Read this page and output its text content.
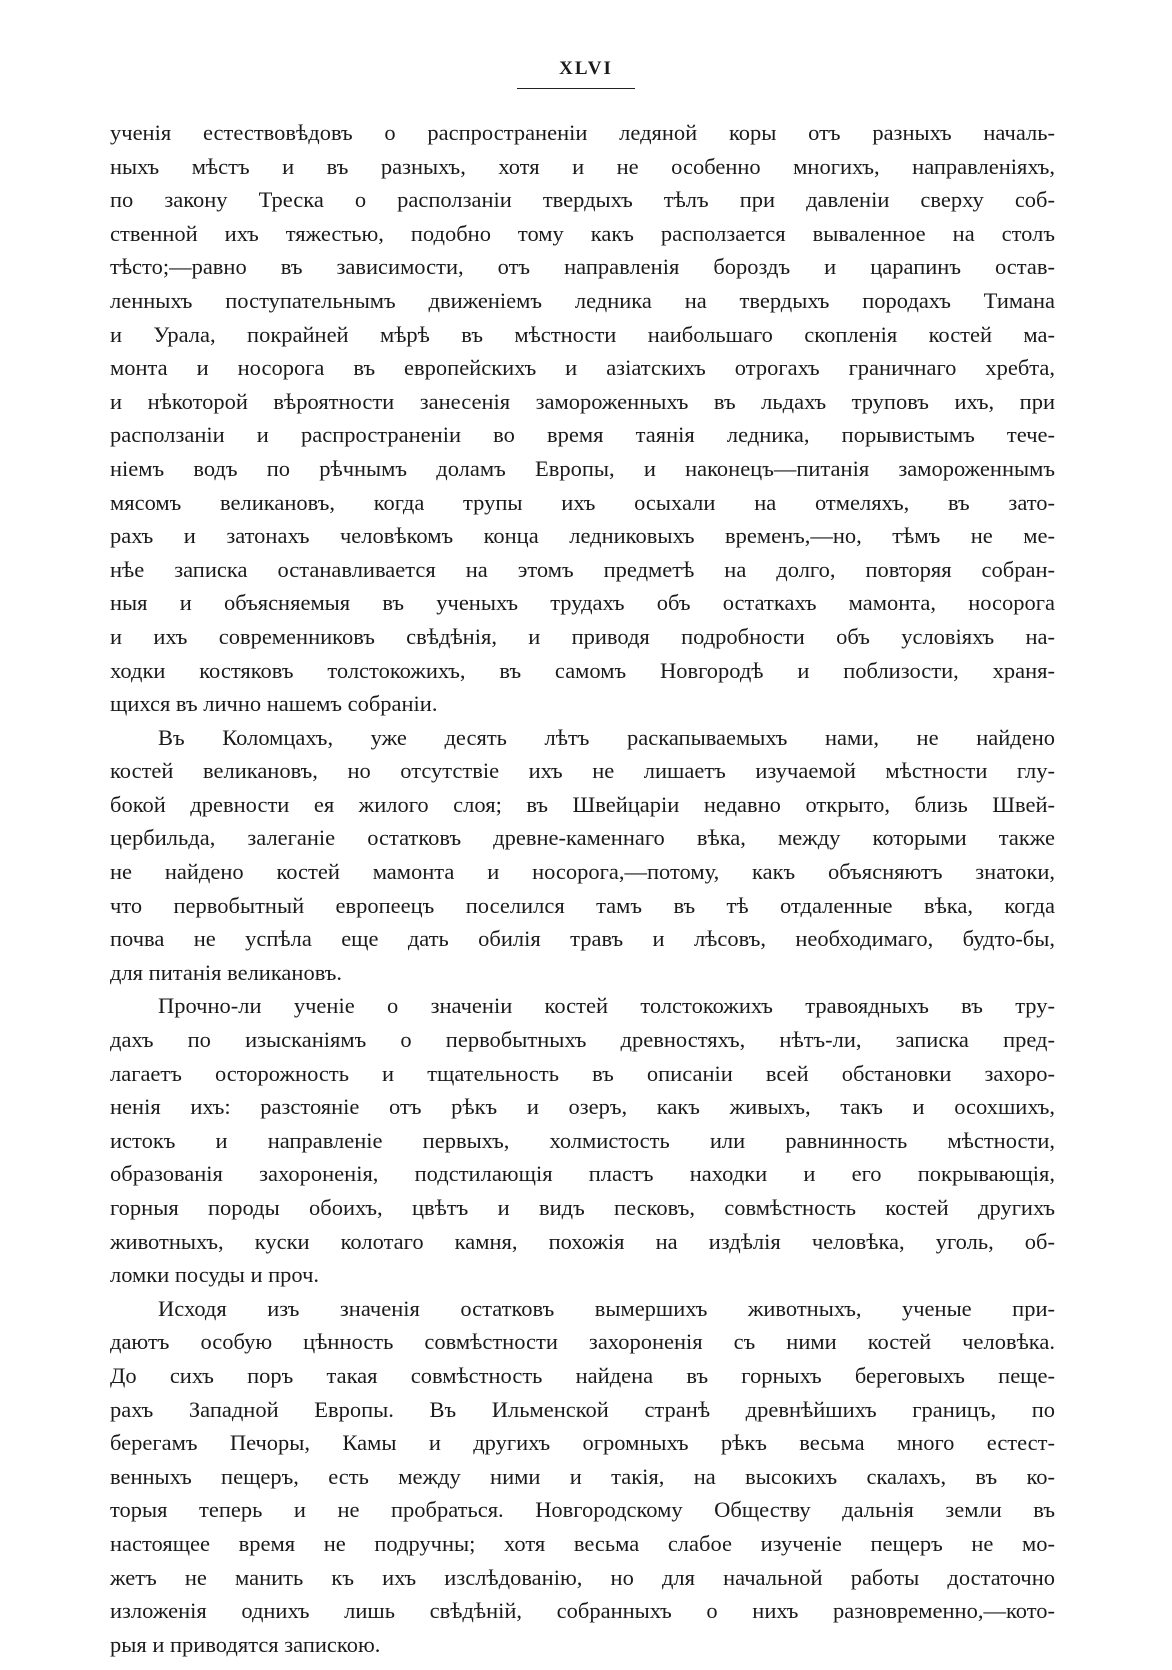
XLVI
ученія естествовѣдовъ о распространеніи ледяной коры отъ разныхъ началь-
ныхъ мѣстъ и въ разныхъ, хотя и не особенно многихъ, направленіяхъ,
по закону Треска о расползаніи твердыхъ тѣлъ при давленіи сверху соб-
ственной ихъ тяжестью, подобно тому какъ расползается вываленное на столъ
тѣсто;—равно въ зависимости, отъ направленія бороздъ и царапинъ остав-
ленныхъ поступательнымъ движеніемъ ледника на твердыхъ породахъ Тимана
и Урала, покрайней мѣрѣ въ мѣстности наибольшаго скопленія костей ма-
монта и носорога въ европейскихъ и азіатскихъ отрогахъ граничнаго хребта,
и нѣкоторой вѣроятности занесенія замороженныхъ въ льдахъ труповъ ихъ, при
расползаніи и распространеніи во время таянія ледника, порывистымъ тече-
ніемъ водъ по рѣчнымъ доламъ Европы, и наконецъ—питанія замороженнымъ
мясомъ великановъ, когда трупы ихъ осыхали на отмеляхъ, въ зато-
рахъ и затонахъ человѣкомъ конца ледниковыхъ временъ,—но, тѣмъ не ме-
нѣе записка останавливается на этомъ предметѣ на долго, повторяя собран-
ныя и объясняемыя въ ученыхъ трудахъ объ остаткахъ мамонта, носорога
и ихъ современниковъ свѣдѣнія, и приводя подробности объ условіяхъ на-
ходки костяковъ толстокожихъ, въ самомъ Новгородѣ и поблизости, храня-
щихся въ лично нашемъ собраніи.
Въ Коломцахъ, уже десять лѣтъ раскапываемыхъ нами, не найдено
костей великановъ, но отсутствіе ихъ не лишаетъ изучаемой мѣстности глу-
бокой древности ея жилого слоя; въ Швейцаріи недавно открыто, близь Швей-
цербильда, залеганіе остатковъ древне-каменнаго вѣка, между которыми также
не найдено костей мамонта и носорога,—потому, какъ объясняютъ знатоки,
что первобытный европеецъ поселился тамъ въ тѣ отдаленные вѣка, когда
почва не успѣла еще дать обилія травъ и лѣсовъ, необходимаго, будто-бы,
для питанія великановъ.
Прочно-ли ученіе о значеніи костей толстокожихъ травоядныхъ въ тру-
дахъ по изысканіямъ о первобытныхъ древностяхъ, нѣтъ-ли, записка пред-
лагаетъ осторожность и тщательность въ описаніи всей обстановки захоро-
ненія ихъ: разстояніе отъ рѣкъ и озеръ, какъ живыхъ, такъ и осохшихъ,
истокъ и направленіе первыхъ, холмистость или равнинность мѣстности,
образованія захороненія, подстилающія пластъ находки и его покрывающія,
горныя породы обоихъ, цвѣтъ и видъ песковъ, совмѣстность костей другихъ
животныхъ, куски колотаго камня, похожія на издѣлія человѣка, уголь, об-
ломки посуды и проч.
Исходя изъ значенія остатковъ вымершихъ животныхъ, ученые при-
даютъ особую цѣнность совмѣстности захороненія съ ними костей человѣка.
До сихъ поръ такая совмѣстность найдена въ горныхъ береговыхъ пеще-
рахъ Западной Европы. Въ Ильменской странѣ древнѣйшихъ границъ, по
берегамъ Печоры, Камы и другихъ огромныхъ рѣкъ весьма много естест-
венныхъ пещеръ, есть между ними и такія, на высокихъ скалахъ, въ ко-
торыя теперь и не пробраться. Новгородскому Обществу дальнія земли въ
настоящее время не подручны; хотя весьма слабое изученіе пещеръ не мо-
жетъ не манить къ ихъ изслѣдованію, но для начальной работы достаточно
изложенія однихъ лишь свѣдѣній, собранныхъ о нихъ разновременно,—кото-
рыя и приводятся запискою.
